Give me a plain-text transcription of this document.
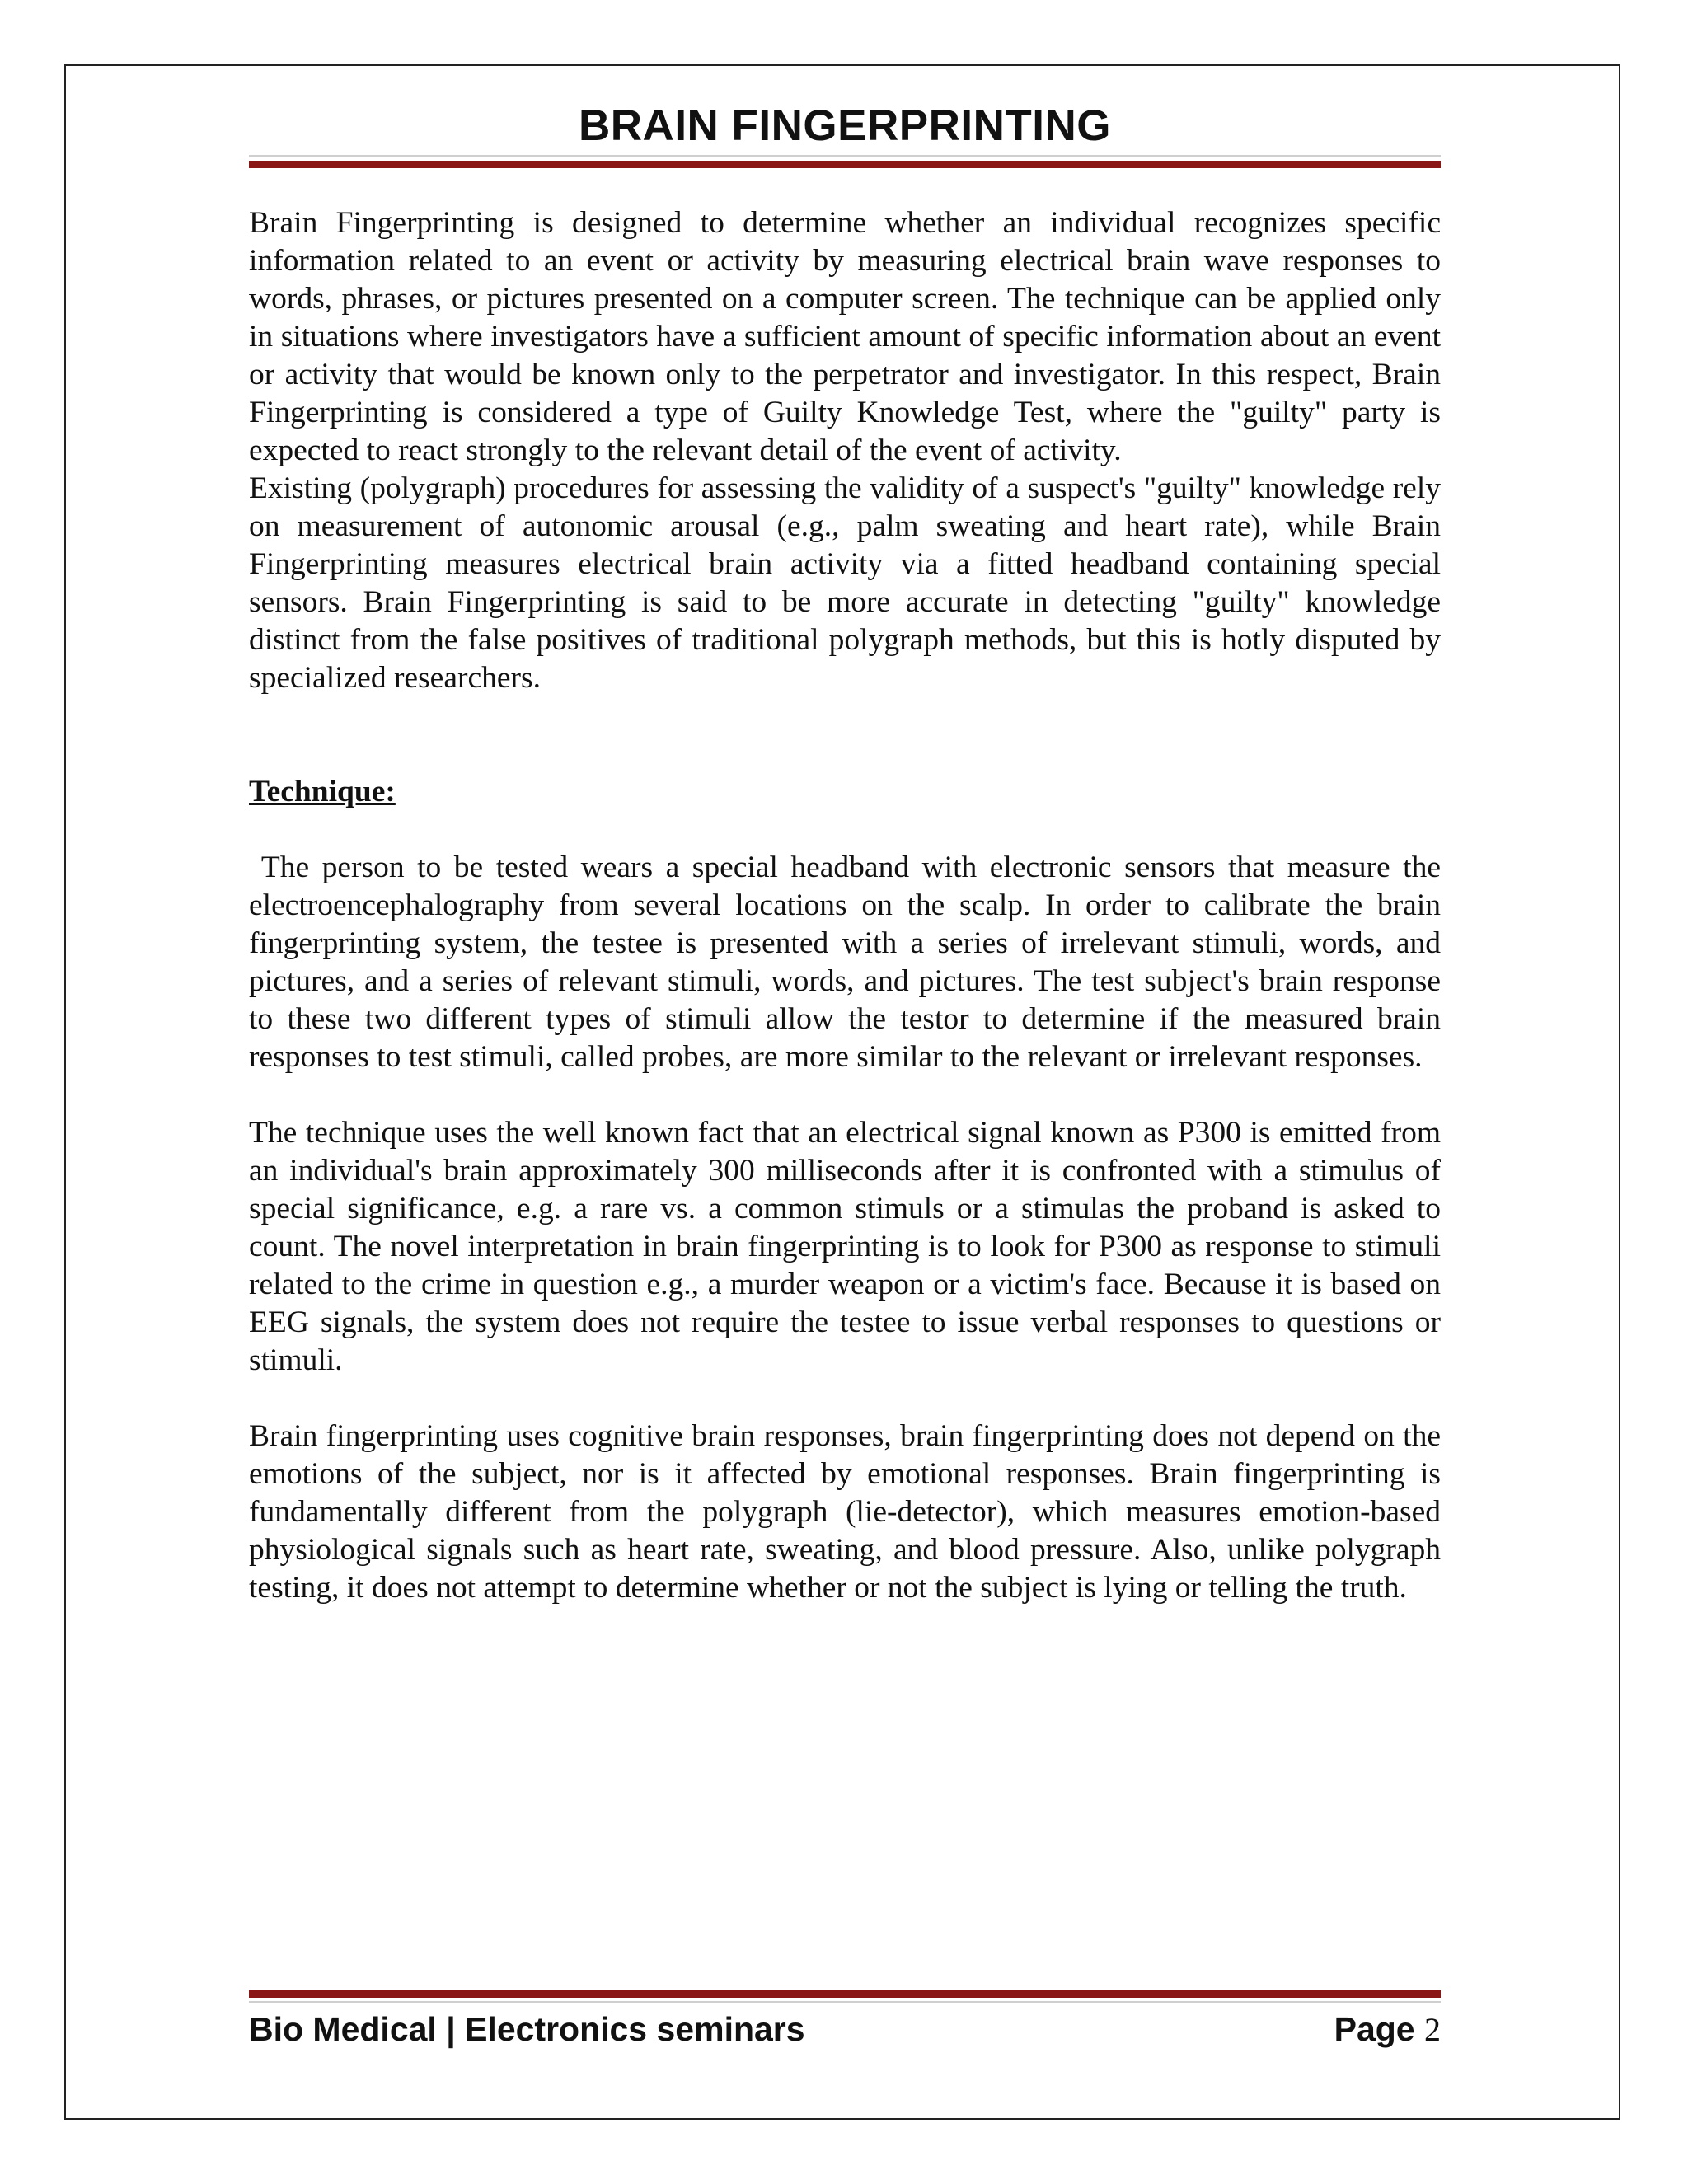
BRAIN FINGERPRINTING

Brain Fingerprinting is designed to determine whether an individual recognizes specific information related to an event or activity by measuring electrical brain wave responses to words, phrases, or pictures presented on a computer screen. The technique can be applied only in situations where investigators have a sufficient amount of specific information about an event or activity that would be known only to the perpetrator and investigator. In this respect, Brain Fingerprinting is considered a type of Guilty Knowledge Test, where the "guilty" party is expected to react strongly to the relevant detail of the event of activity.

Existing (polygraph) procedures for assessing the validity of a suspect's "guilty" knowledge rely on measurement of autonomic arousal (e.g., palm sweating and heart rate), while Brain Fingerprinting measures electrical brain activity via a fitted headband containing special sensors. Brain Fingerprinting is said to be more accurate in detecting "guilty" knowledge distinct from the false positives of traditional polygraph methods, but this is hotly disputed by specialized researchers.

Technique:

The person to be tested wears a special headband with electronic sensors that measure the electroencephalography from several locations on the scalp. In order to calibrate the brain fingerprinting system, the testee is presented with a series of irrelevant stimuli, words, and pictures, and a series of relevant stimuli, words, and pictures. The test subject's brain response to these two different types of stimuli allow the testor to determine if the measured brain responses to test stimuli, called probes, are more similar to the relevant or irrelevant responses.

The technique uses the well known fact that an electrical signal known as P300 is emitted from an individual's brain approximately 300 milliseconds after it is confronted with a stimulus of special significance, e.g. a rare vs. a common stimuls or a stimulas the proband is asked to count. The novel interpretation in brain fingerprinting is to look for P300 as response to stimuli related to the crime in question e.g., a murder weapon or a victim's face. Because it is based on EEG signals, the system does not require the testee to issue verbal responses to questions or stimuli.

Brain fingerprinting uses cognitive brain responses, brain fingerprinting does not depend on the emotions of the subject, nor is it affected by emotional responses. Brain fingerprinting is fundamentally different from the polygraph (lie-detector), which measures emotion-based physiological signals such as heart rate, sweating, and blood pressure. Also, unlike polygraph testing, it does not attempt to determine whether or not the subject is lying or telling the truth.

Bio Medical | Electronics seminars	Page 2
